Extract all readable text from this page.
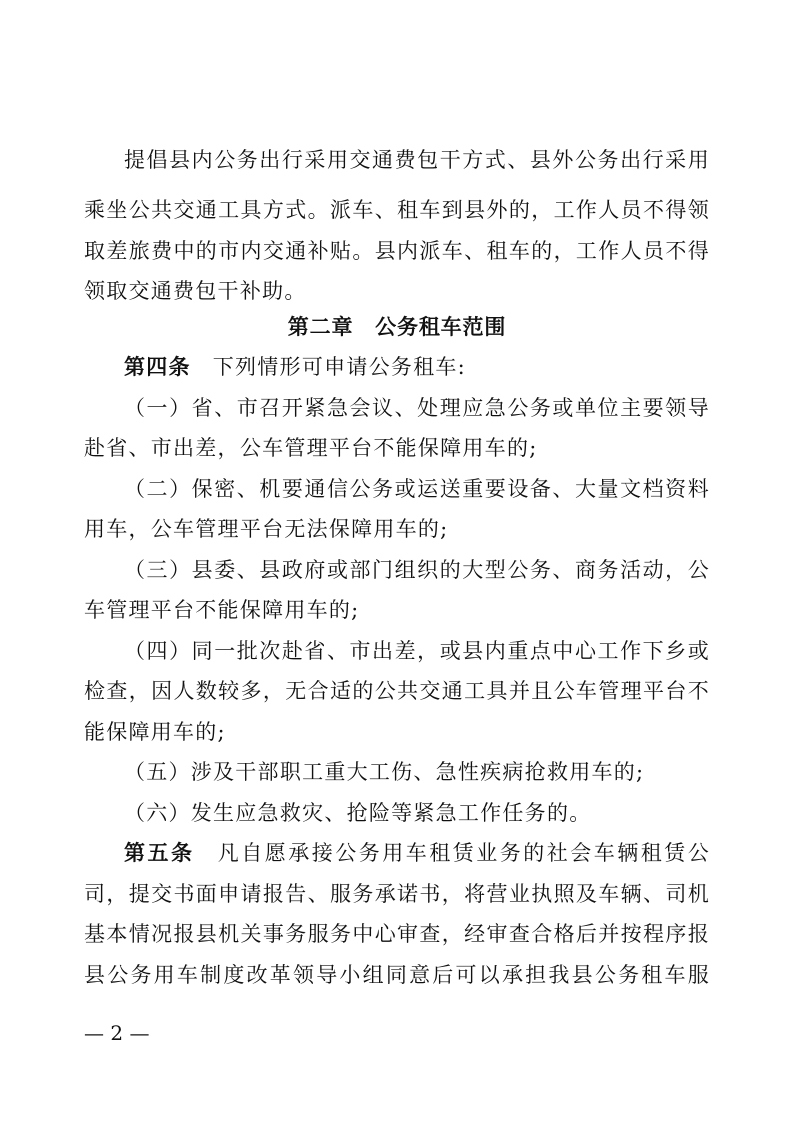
提倡县内公务出行采用交通费包干方式、县外公务出行采用

乘坐公共交通工具方式。派车、租车到县外的，工作人员不得领

取差旅费中的市内交通补贴。县内派车、租车的，工作人员不得

领取交通费包干补助。

第二章　公务租车范围

第四条 下列情形可申请公务租车:

（一）省、市召开紧急会议、处理应急公务或单位主要领导

赴省、市出差，公车管理平台不能保障用车的;

（二）保密、机要通信公务或运送重要设备、大量文档资料

用车，公车管理平台无法保障用车的;

（三）县委、县政府或部门组织的大型公务、商务活动，公

车管理平台不能保障用车的;

（四）同一批次赴省、市出差，或县内重点中心工作下乡或

检查，因人数较多，无合适的公共交通工具并且公车管理平台不

能保障用车的;

（五）涉及干部职工重大工伤、急性疾病抢救用车的;

（六）发生应急救灾、抢险等紧急工作任务的。

第五条 凡自愿承接公务用车租赁业务的社会车辆租赁公

司，提交书面申请报告、服务承诺书，将营业执照及车辆、司机

基本情况报县机关事务服务中心审查，经审查合格后并按程序报

县公务用车制度改革领导小组同意后可以承担我县公务租车服

— 2 —
